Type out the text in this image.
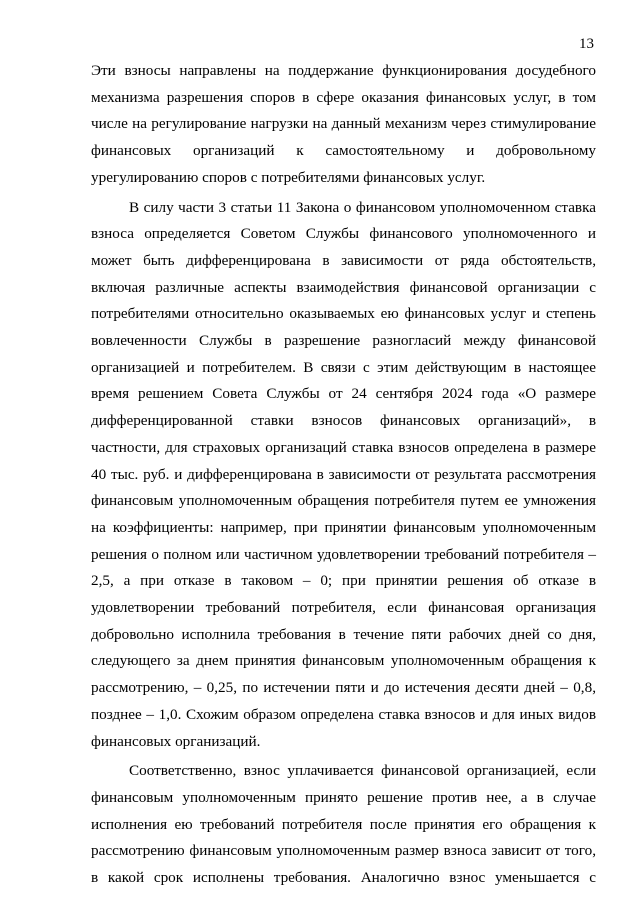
13

Эти взносы направлены на поддержание функционирования досудебного механизма разрешения споров в сфере оказания финансовых услуг, в том числе на регулирование нагрузки на данный механизм через стимулирование финансовых организаций к самостоятельному и добровольному урегулированию споров с потребителями финансовых услуг.

В силу части 3 статьи 11 Закона о финансовом уполномоченном ставка взноса определяется Советом Службы финансового уполномоченного и может быть дифференцирована в зависимости от ряда обстоятельств, включая различные аспекты взаимодействия финансовой организации с потребителями относительно оказываемых ею финансовых услуг и степень вовлеченности Службы в разрешение разногласий между финансовой организацией и потребителем. В связи с этим действующим в настоящее время решением Совета Службы от 24 сентября 2024 года «О размере дифференцированной ставки взносов финансовых организаций», в частности, для страховых организаций ставка взносов определена в размере 40 тыс. руб. и дифференцирована в зависимости от результата рассмотрения финансовым уполномоченным обращения потребителя путем ее умножения на коэффициенты: например, при принятии финансовым уполномоченным решения о полном или частичном удовлетворении требований потребителя – 2,5, а при отказе в таковом – 0; при принятии решения об отказе в удовлетворении требований потребителя, если финансовая организация добровольно исполнила требования в течение пяти рабочих дней со дня, следующего за днем принятия финансовым уполномоченным обращения к рассмотрению, – 0,25, по истечении пяти и до истечения десяти дней – 0,8, позднее – 1,0. Схожим образом определена ставка взносов и для иных видов финансовых организаций.

Соответственно, взнос уплачивается финансовой организацией, если финансовым уполномоченным принято решение против нее, а в случае исполнения ею требований потребителя после принятия его обращения к рассмотрению финансовым уполномоченным размер взноса зависит от того, в какой срок исполнены требования. Аналогично взнос уменьшается с
